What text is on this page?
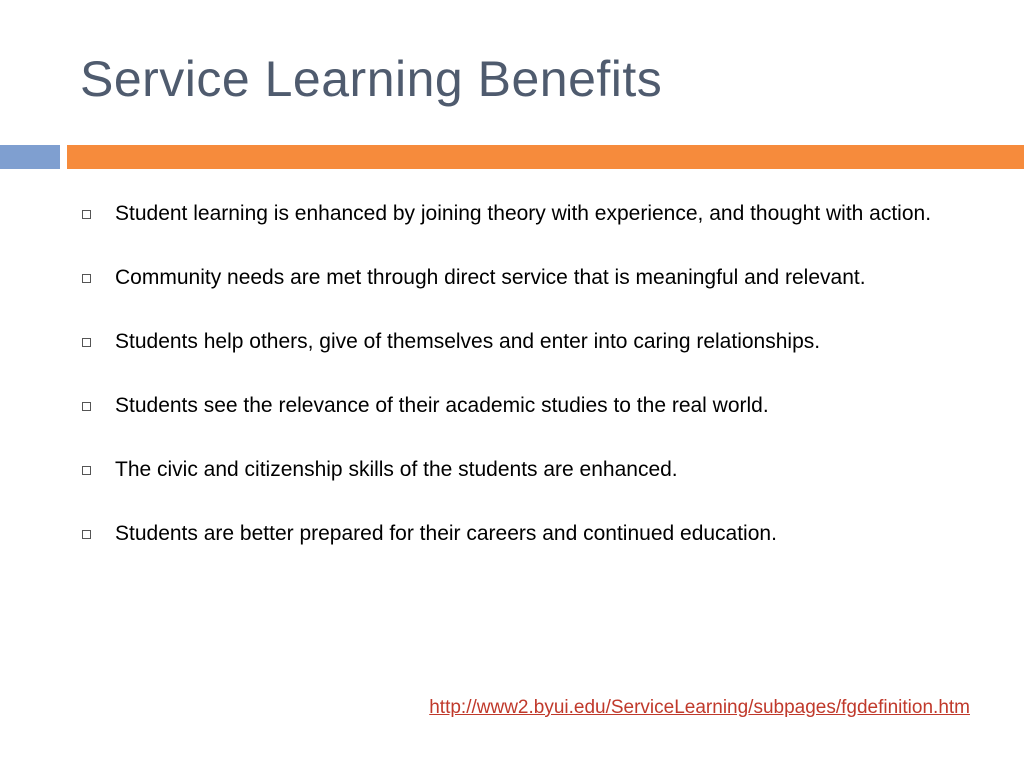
Service Learning Benefits
Student learning is enhanced by joining theory with experience, and thought with action.
Community needs are met through direct service that is meaningful and relevant.
Students help others, give of themselves and enter into caring relationships.
Students see the relevance of their academic studies to the real world.
The civic and citizenship skills of the students are enhanced.
Students are better prepared for their careers and continued education.
http://www2.byui.edu/ServiceLearning/subpages/fgdefinition.htm
